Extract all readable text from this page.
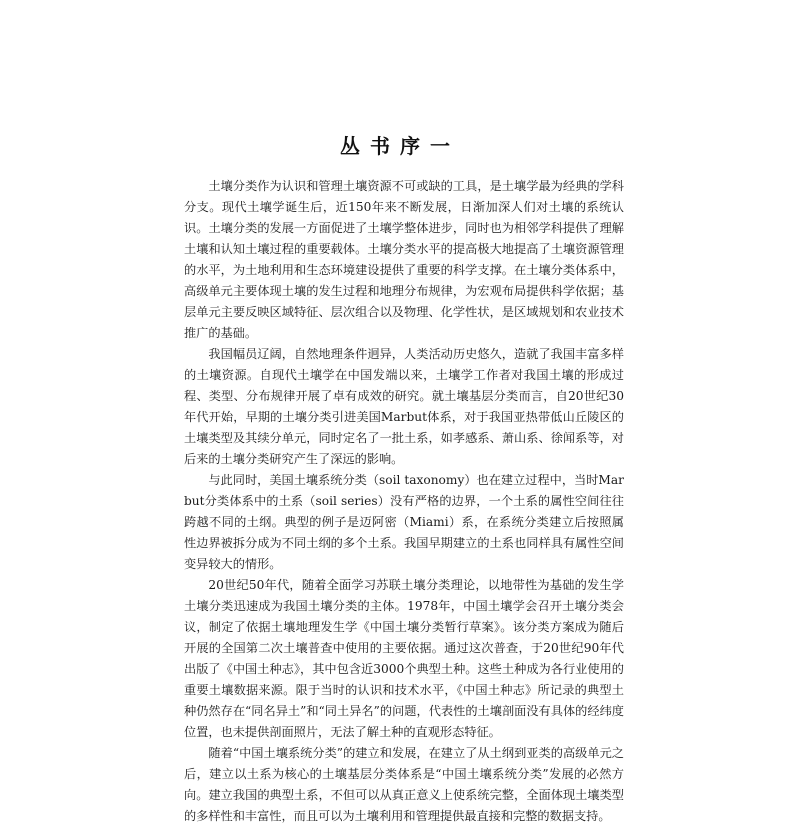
丛书序一

土壤分类作为认识和管理土壤资源不可或缺的工具，是土壤学最为经典的学科分支。现代土壤学诞生后，近150年来不断发展，日渐加深人们对土壤的系统认识。土壤分类的发展一方面促进了土壤学整体进步，同时也为相邻学科提供了理解土壤和认知土壤过程的重要载体。土壤分类水平的提高极大地提高了土壤资源管理的水平，为土地利用和生态环境建设提供了重要的科学支撑。在土壤分类体系中，高级单元主要体现土壤的发生过程和地理分布规律，为宏观布局提供科学依据；基层单元主要反映区域特征、层次组合以及物理、化学性状，是区域规划和农业技术推广的基础。

我国幅员辽阔，自然地理条件迥异，人类活动历史悠久，造就了我国丰富多样的土壤资源。自现代土壤学在中国发端以来，土壤学工作者对我国土壤的形成过程、类型、分布规律开展了卓有成效的研究。就土壤基层分类而言，自20世纪30年代开始，早期的土壤分类引进美国Marbut体系，对于我国亚热带低山丘陵区的土壤类型及其续分单元，同时定名了一批土系，如孝感系、萧山系、徐闻系等，对后来的土壤分类研究产生了深远的影响。

与此同时，美国土壤系统分类（soil taxonomy）也在建立过程中，当时Marbut分类体系中的土系（soil series）没有严格的边界，一个土系的属性空间往往跨越不同的土纲。典型的例子是迈阿密（Miami）系，在系统分类建立后按照属性边界被拆分成为不同土纲的多个土系。我国早期建立的土系也同样具有属性空间变异较大的情形。

20世纪50年代，随着全面学习苏联土壤分类理论，以地带性为基础的发生学土壤分类迅速成为我国土壤分类的主体。1978年，中国土壤学会召开土壤分类会议，制定了依据土壤地理发生学《中国土壤分类暂行草案》。该分类方案成为随后开展的全国第二次土壤普查中使用的主要依据。通过这次普查，于20世纪90年代出版了《中国土种志》，其中包含近3000个典型土种。这些土种成为各行业使用的重要土壤数据来源。限于当时的认识和技术水平，《中国土种志》所记录的典型土种仍然存在“同名异土”和“同土异名”的问题，代表性的土壤剖面没有具体的经纬度位置，也未提供剖面照片，无法了解土种的直观形态特征。

随着“中国土壤系统分类”的建立和发展，在建立了从土纲到亚类的高级单元之后，建立以土系为核心的土壤基层分类体系是“中国土壤系统分类”发展的必然方向。建立我国的典型土系，不但可以从真正意义上使系统完整，全面体现土壤类型的多样性和丰富性，而且可以为土壤利用和管理提供最直接和完整的数据支持。
